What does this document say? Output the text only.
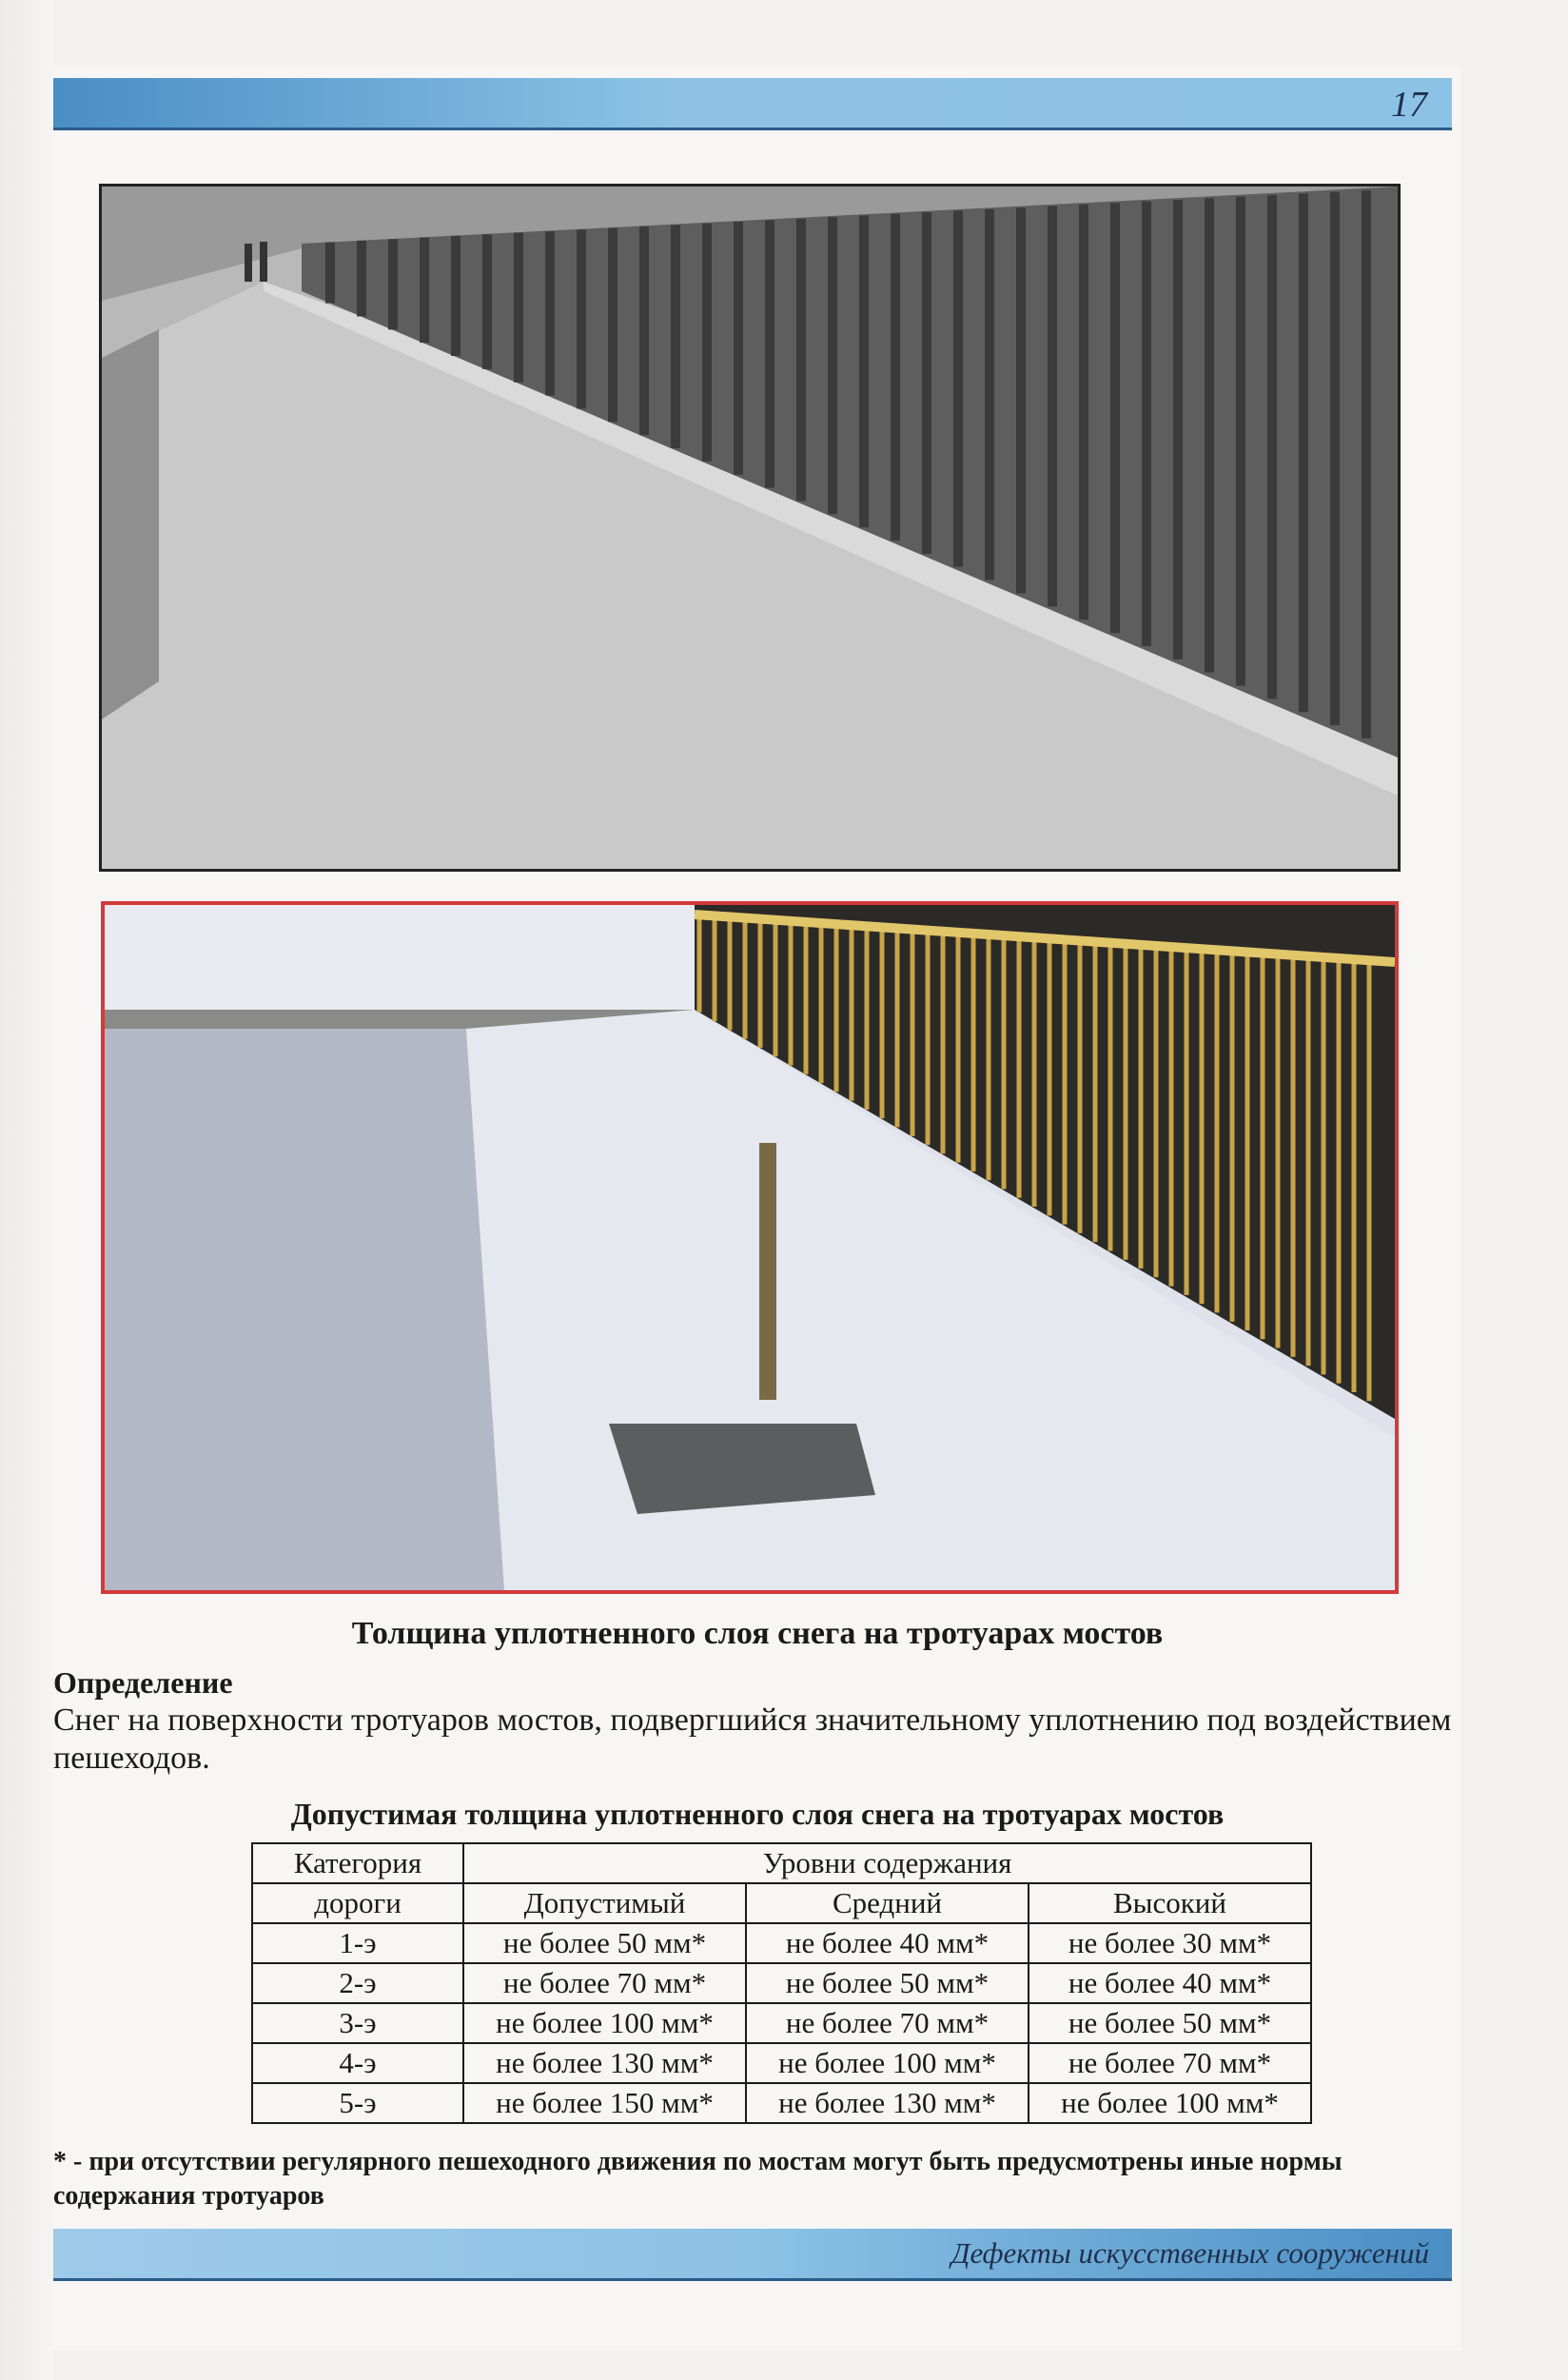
17
Толщина уплотненного слоя снега на тротуарах мостов
Определение
Снег на поверхности тротуаров мостов, подвергшийся значительному уплотнению под воздействием пешеходов.
Допустимая толщина уплотненного слоя снега на тротуарах мостов
Категория	Уровни содержания		
дороги	Допустимый	Средний	Высокий
1-э	не более 50 мм*	не более 40 мм*	не более 30 мм*
2-э	не более 70 мм*	не более 50 мм*	не более 40 мм*
3-э	не более 100 мм*	не более 70 мм*	не более 50 мм*
4-э	не более 130 мм*	не более 100 мм*	не более 70 мм*
5-э	не более 150 мм*	не более 130 мм*	не более 100 мм*
* - при отсутствии регулярного пешеходного движения по мостам могут быть предусмотрены иные нормы содержания тротуаров
Дефекты искусственных сооружений
